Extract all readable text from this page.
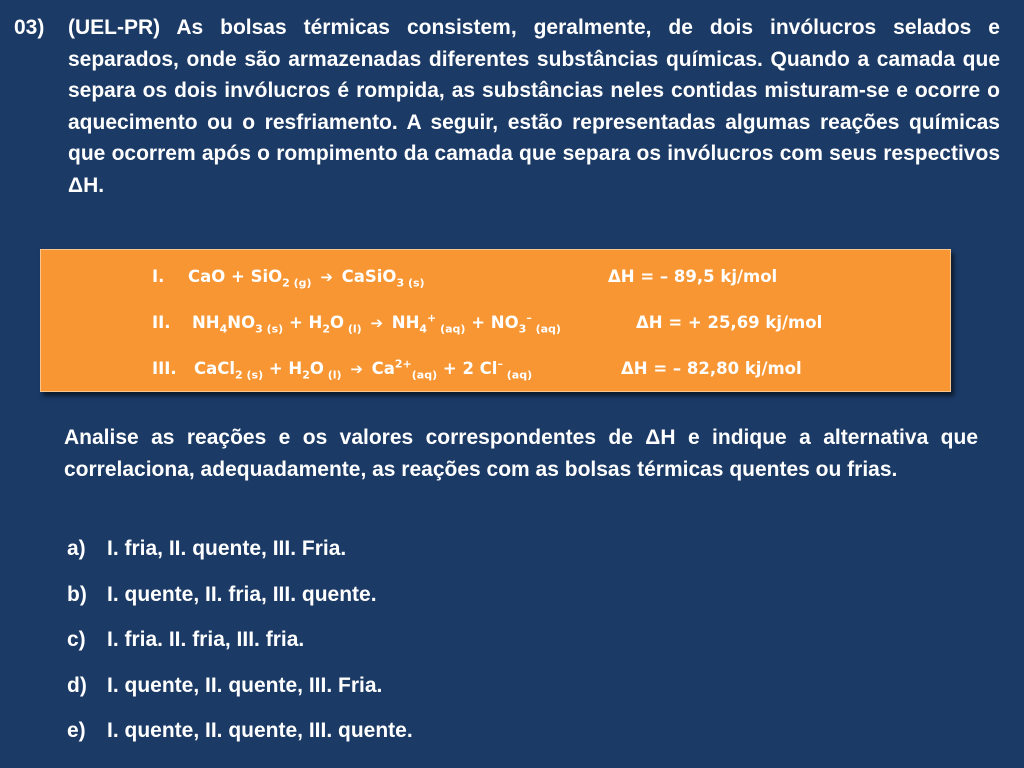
03) (UEL-PR) As bolsas térmicas consistem, geralmente, de dois invólucros selados e separados, onde são armazenadas diferentes substâncias químicas. Quando a camada que separa os dois invólucros é rompida, as substâncias neles contidas misturam-se e ocorre o aquecimento ou o resfriamento. A seguir, estão representadas algumas reações químicas que ocorrem após o rompimento da camada que separa os invólucros com seus respectivos ΔH.
I. CaO + SiO$_2$ $_{(g)}$ ➔ CaSiO$_3$ $_{(s)}$	ΔH = – 89,5 kj/mol
II. $NH_4NO_3$ $_{(s)} + H_2O$ $_{(l)}$ ➔ $NH_4^+$ $_{(aq)} + NO_3^-$ $_{(aq)}$	ΔH = + 25,69 kj/mol
III. CaCl$_2$ $_{(s)} + H_2O$ $_{(l)}$ ➔ $Ca^{2+}_{(aq)} + 2$ Cl– $_{(aq)}$	ΔH = – 82,80 kj/mol
Analise as reações e os valores correspondentes de ΔH e indique a alternativa que correlaciona, adequadamente, as reações com as bolsas térmicas quentes ou frias.
a) I. fria, II. quente, III. Fria.
b) I. quente, II. fria, III. quente.
c) I. fria. II. fria, III. fria.
d) I. quente, II. quente, III. Fria.
e) I. quente, II. quente, III. quente.
